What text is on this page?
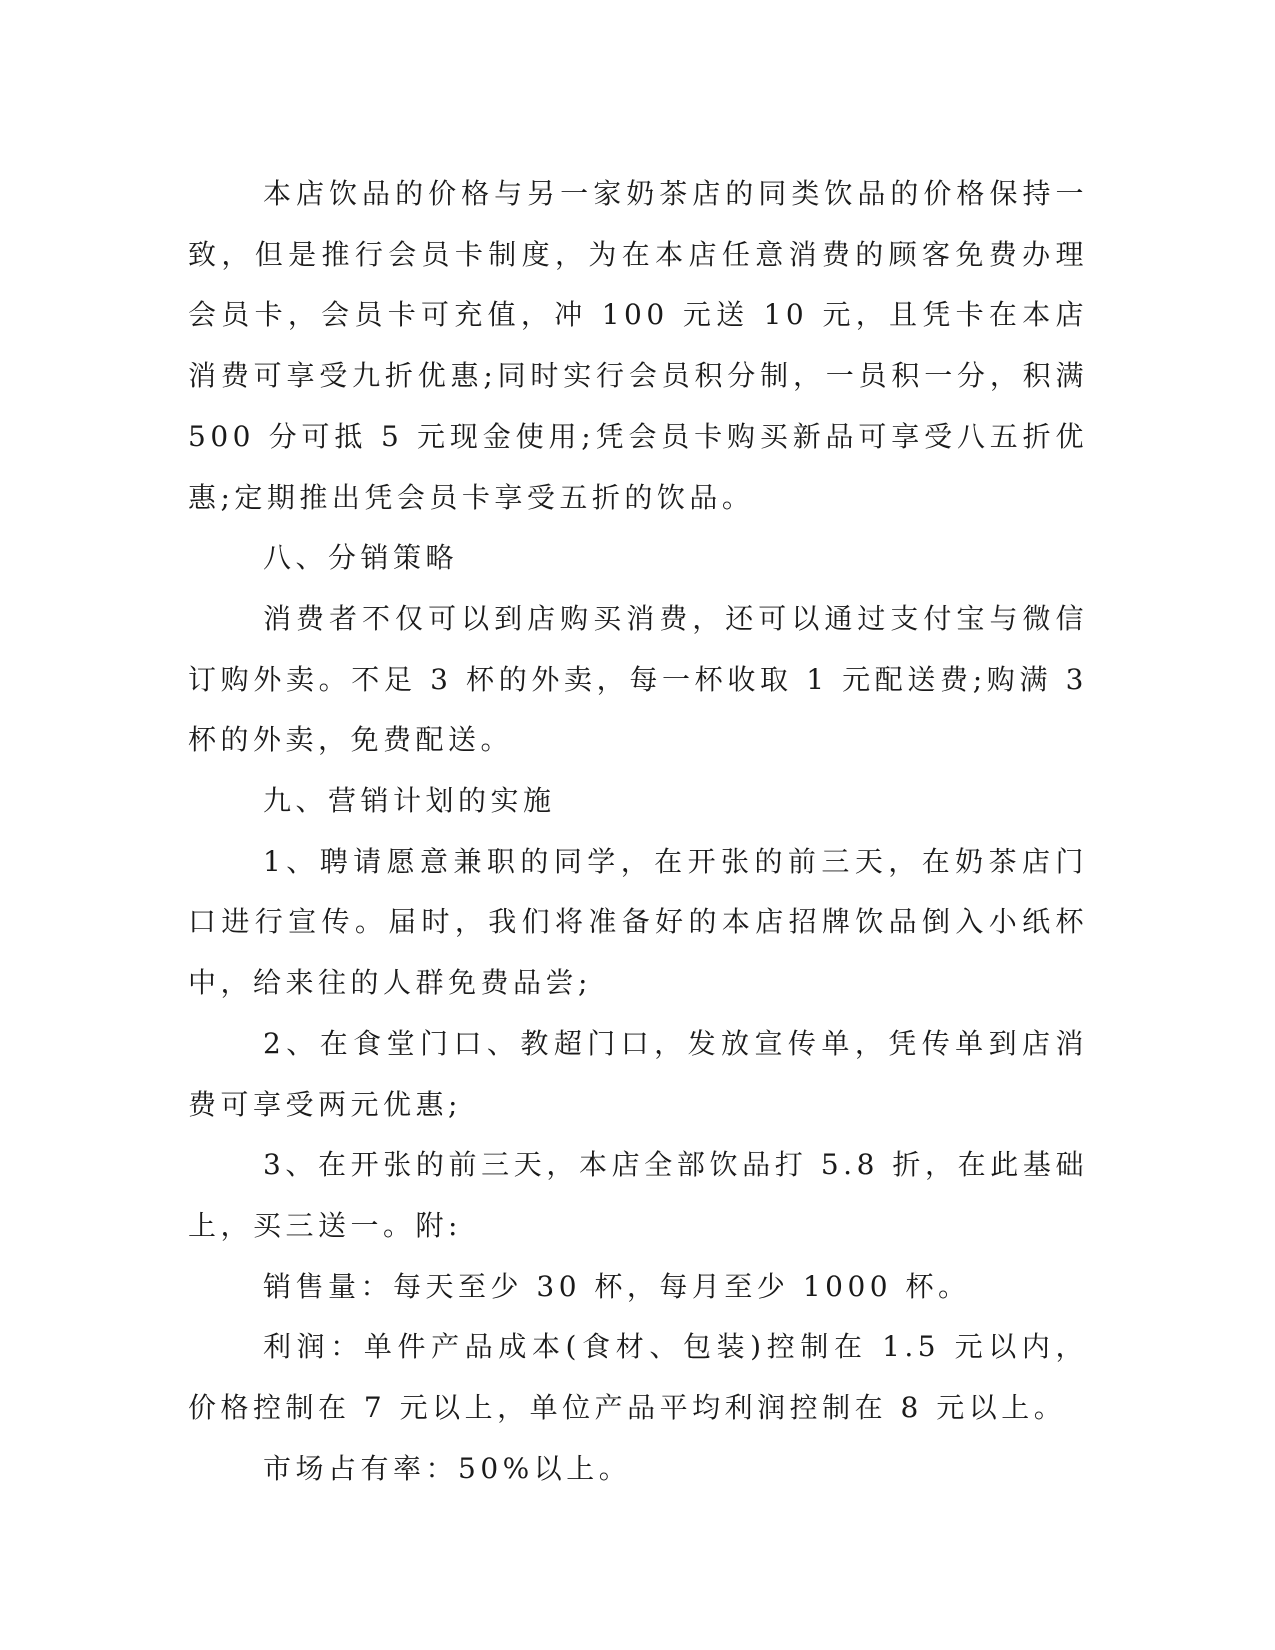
本店饮品的价格与另一家奶茶店的同类饮品的价格保持一致，但是推行会员卡制度，为在本店任意消费的顾客免费办理会员卡，会员卡可充值，冲 100 元送 10 元，且凭卡在本店消费可享受九折优惠;同时实行会员积分制，一员积一分，积满 500 分可抵 5 元现金使用;凭会员卡购买新品可享受八五折优惠;定期推出凭会员卡享受五折的饮品。

八、分销策略

消费者不仅可以到店购买消费，还可以通过支付宝与微信订购外卖。不足 3 杯的外卖，每一杯收取 1 元配送费;购满 3 杯的外卖，免费配送。

九、营销计划的实施

1、聘请愿意兼职的同学，在开张的前三天，在奶茶店门口进行宣传。届时，我们将准备好的本店招牌饮品倒入小纸杯中，给来往的人群免费品尝;

2、在食堂门口、教超门口，发放宣传单，凭传单到店消费可享受两元优惠;

3、在开张的前三天，本店全部饮品打 5.8 折，在此基础上，买三送一。附:

销售量：每天至少 30 杯，每月至少 1000 杯。

利润：单件产品成本(食材、包装)控制在 1.5 元以内，价格控制在 7 元以上，单位产品平均利润控制在 8 元以上。

市场占有率：50%以上。
